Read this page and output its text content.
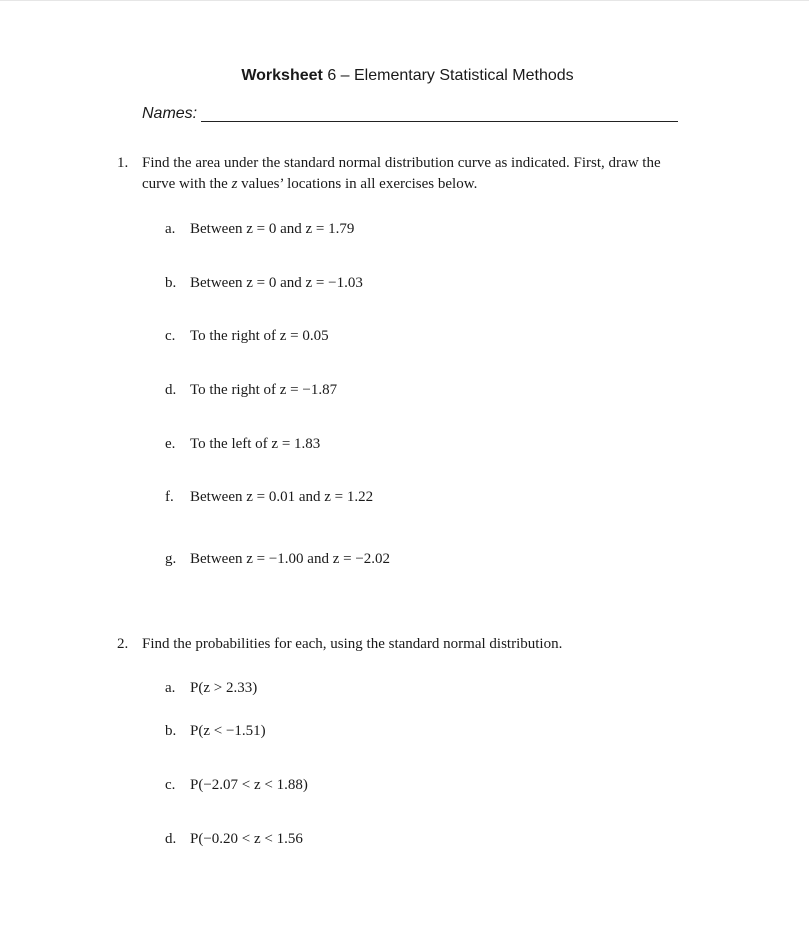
Worksheet 6 – Elementary Statistical Methods
Names:
1. Find the area under the standard normal distribution curve as indicated. First, draw the
curve with the z values’ locations in all exercises below.
a. Between z = 0 and z = 1.79
b. Between z = 0 and z = −1.03
c. To the right of z = 0.05
d. To the right of z = −1.87
e. To the left of z = 1.83
f. Between z = 0.01 and z = 1.22
g. Between z = −1.00 and z = −2.02
2. Find the probabilities for each, using the standard normal distribution.
a. P(z > 2.33)
b. P(z < −1.51)
c. P(−2.07 < z < 1.88)
d. P(−0.20 < z < 1.56
